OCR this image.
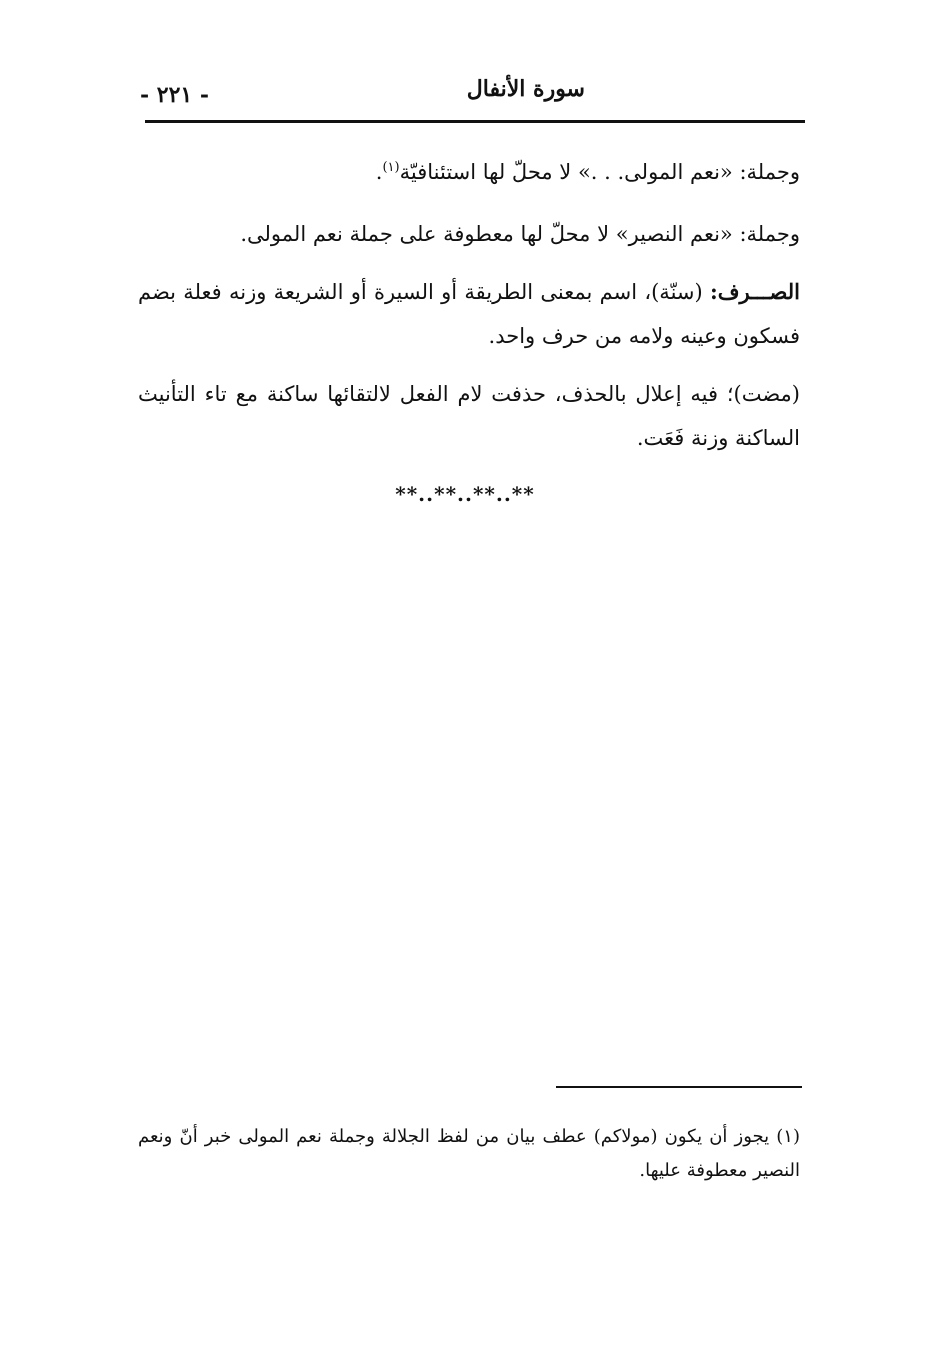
سورة الأنفال
- ٢٢١ -

وجملة: «نعم المولى. . .» لا محلّ لها استئنافيّة$^{(١)}$.

وجملة: «نعم النصير» لا محلّ لها معطوفة على جملة نعم المولى.

الصـــرف: (سنّة)، اسم بمعنى الطريقة أو السيرة أو الشريعة وزنه فعلة بضم فسكون وعينه ولامه من حرف واحد.

(مضت)؛ فيه إعلال بالحذف، حذفت لام الفعل لالتقائها ساكنة مع تاء التأنيث الساكنة وزنة فَعَت.

**..**..**..**
(١) يجوز أن يكون (مولاكم) عطف بيان من لفظ الجلالة وجملة نعم المولى خبر أنّ ونعم النصير معطوفة عليها.
